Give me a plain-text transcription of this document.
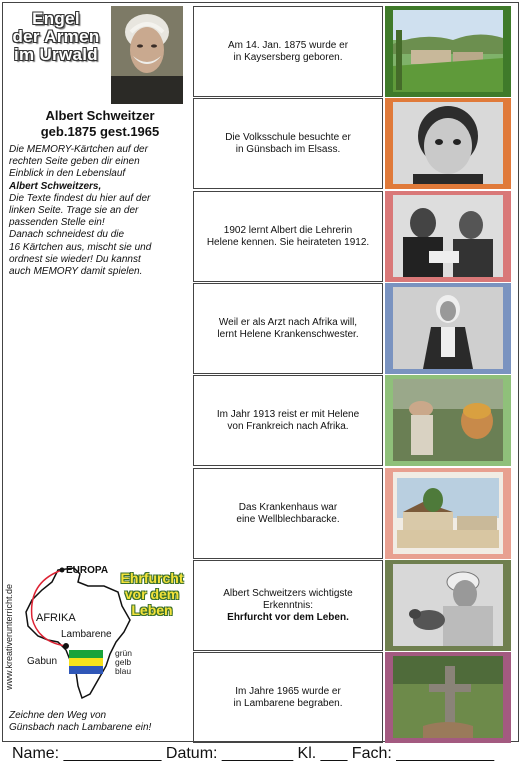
Engel
der Armen
im Urwald
Albert Schweitzer
geb.1875 gest.1965
Die MEMORY-Kärtchen auf der
rechten Seite geben dir einen
Einblick in den Lebenslauf
Albert Schweitzers,
Die Texte findest du hier auf der
linken Seite. Trage sie an der
passenden Stelle ein!
Danach schneidest du die
16 Kärtchen aus, mischt sie und
ordnest sie wieder! Du kannst
auch MEMORY damit spielen.
www.kreativerunterricht.de
EUROPA
AFRIKA
Lambarene
Gabun
grün
gelb
blau
Ehrfurcht
vor dem
Leben
Zeichne den Weg von
Günsbach nach Lambarene ein!
Am 14. Jan. 1875 wurde er
in Kaysersberg geboren.
Die Volksschule besuchte er
in Günsbach im Elsass.
1902 lernt Albert die Lehrerin
Helene kennen. Sie heirateten 1912.
Weil er als Arzt nach Afrika will,
lernt Helene Krankenschwester.
Im Jahr 1913 reist er mit Helene
von Frankreich nach Afrika.
Das Krankenhaus war
eine Wellblechbaracke.
Albert Schweitzers wichtigste
Erkenntnis:
Ehrfurcht vor dem Leben.
Im Jahre 1965 wurde er
in Lambarene begraben.
Name: ___________ Datum: ________ Kl. ___ Fach: ___________
